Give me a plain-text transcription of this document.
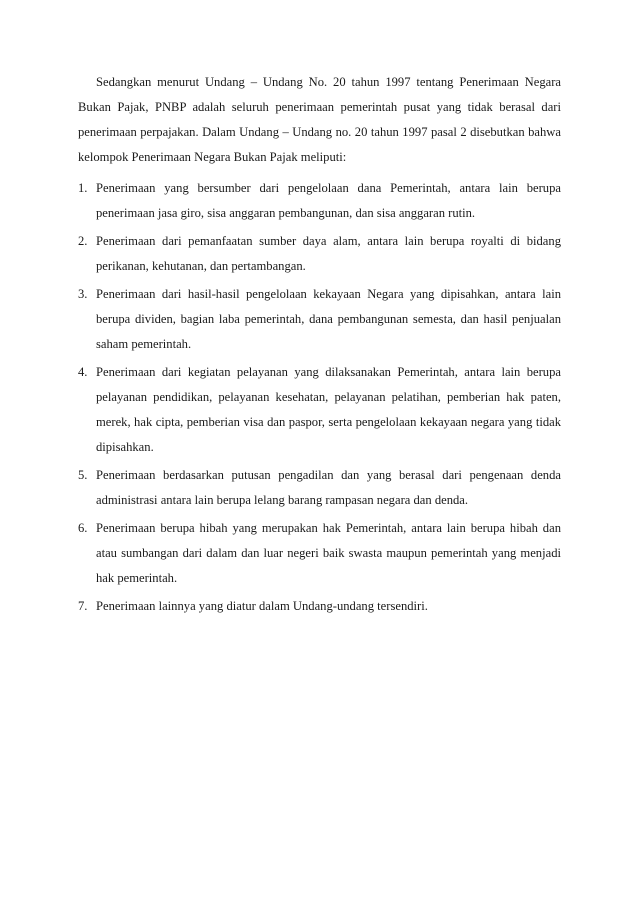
Sedangkan menurut Undang – Undang No. 20 tahun 1997 tentang Penerimaan Negara Bukan Pajak, PNBP adalah seluruh penerimaan pemerintah pusat yang tidak berasal dari penerimaan perpajakan. Dalam Undang – Undang no. 20 tahun 1997 pasal 2 disebutkan bahwa kelompok Penerimaan Negara Bukan Pajak meliputi:

1. Penerimaan yang bersumber dari pengelolaan dana Pemerintah, antara lain berupa penerimaan jasa giro, sisa anggaran pembangunan, dan sisa anggaran rutin.
2. Penerimaan dari pemanfaatan sumber daya alam, antara lain berupa royalti di bidang perikanan, kehutanan, dan pertambangan.
3. Penerimaan dari hasil-hasil pengelolaan kekayaan Negara yang dipisahkan, antara lain berupa dividen, bagian laba pemerintah, dana pembangunan semesta, dan hasil penjualan saham pemerintah.
4. Penerimaan dari kegiatan pelayanan yang dilaksanakan Pemerintah, antara lain berupa pelayanan pendidikan, pelayanan kesehatan, pelayanan pelatihan, pemberian hak paten, merek, hak cipta, pemberian visa dan paspor, serta pengelolaan kekayaan negara yang tidak dipisahkan.
5. Penerimaan berdasarkan putusan pengadilan dan yang berasal dari pengenaan denda administrasi antara lain berupa lelang barang rampasan negara dan denda.
6. Penerimaan berupa hibah yang merupakan hak Pemerintah, antara lain berupa hibah dan atau sumbangan dari dalam dan luar negeri baik swasta maupun pemerintah yang menjadi hak pemerintah.
7. Penerimaan lainnya yang diatur dalam Undang-undang tersendiri.
